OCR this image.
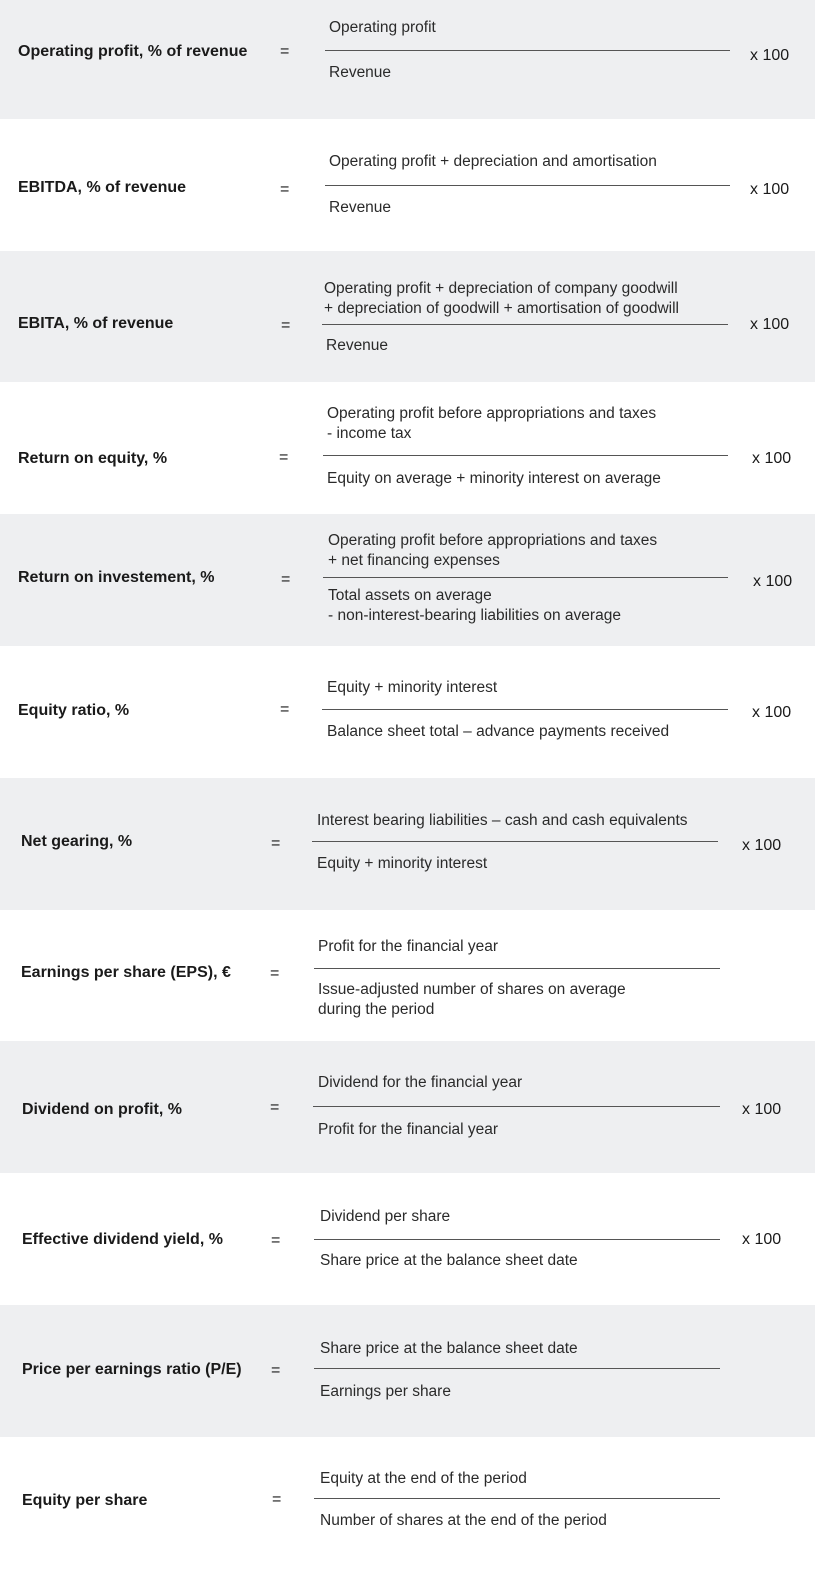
Operating profit, % of revenue =
Operating profit
Revenue
x 100
EBITDA, % of revenue	=
Operating profit + depreciation and amortisation
Revenue
x 100
EBITA, % of revenue	=
Operating profit + depreciation of company goodwill
+ depreciation of goodwill + amortisation of goodwill
Revenue
x 100
Return on equity, %	=
Operating profit before appropriations and taxes
- income tax
Equity on average + minority interest on average
x 100
Return on investement, %	=
Operating profit before appropriations and taxes
+ net financing expenses
Total assets on average
- non-interest-bearing liabilities on average
x 100
Equity ratio, %	=
Equity + minority interest
Balance sheet total – advance payments received
x 100
Net gearing, %	=
Interest bearing liabilities – cash and cash equivalents
Equity + minority interest
x 100
Earnings per share (EPS), € =
Profit for the financial year
Issue-adjusted number of shares on average
during the period
Dividend on profit, %	=
Dividend for the financial year
Profit for the financial year
x 100
Effective dividend yield, %	=
Dividend per share
Share price at the balance sheet date
x 100
Price per earnings ratio (P/E) =
Share price at the balance sheet date
Earnings per share
Equity per share	=
Equity at the end of the period
Number of shares at the end of the period
